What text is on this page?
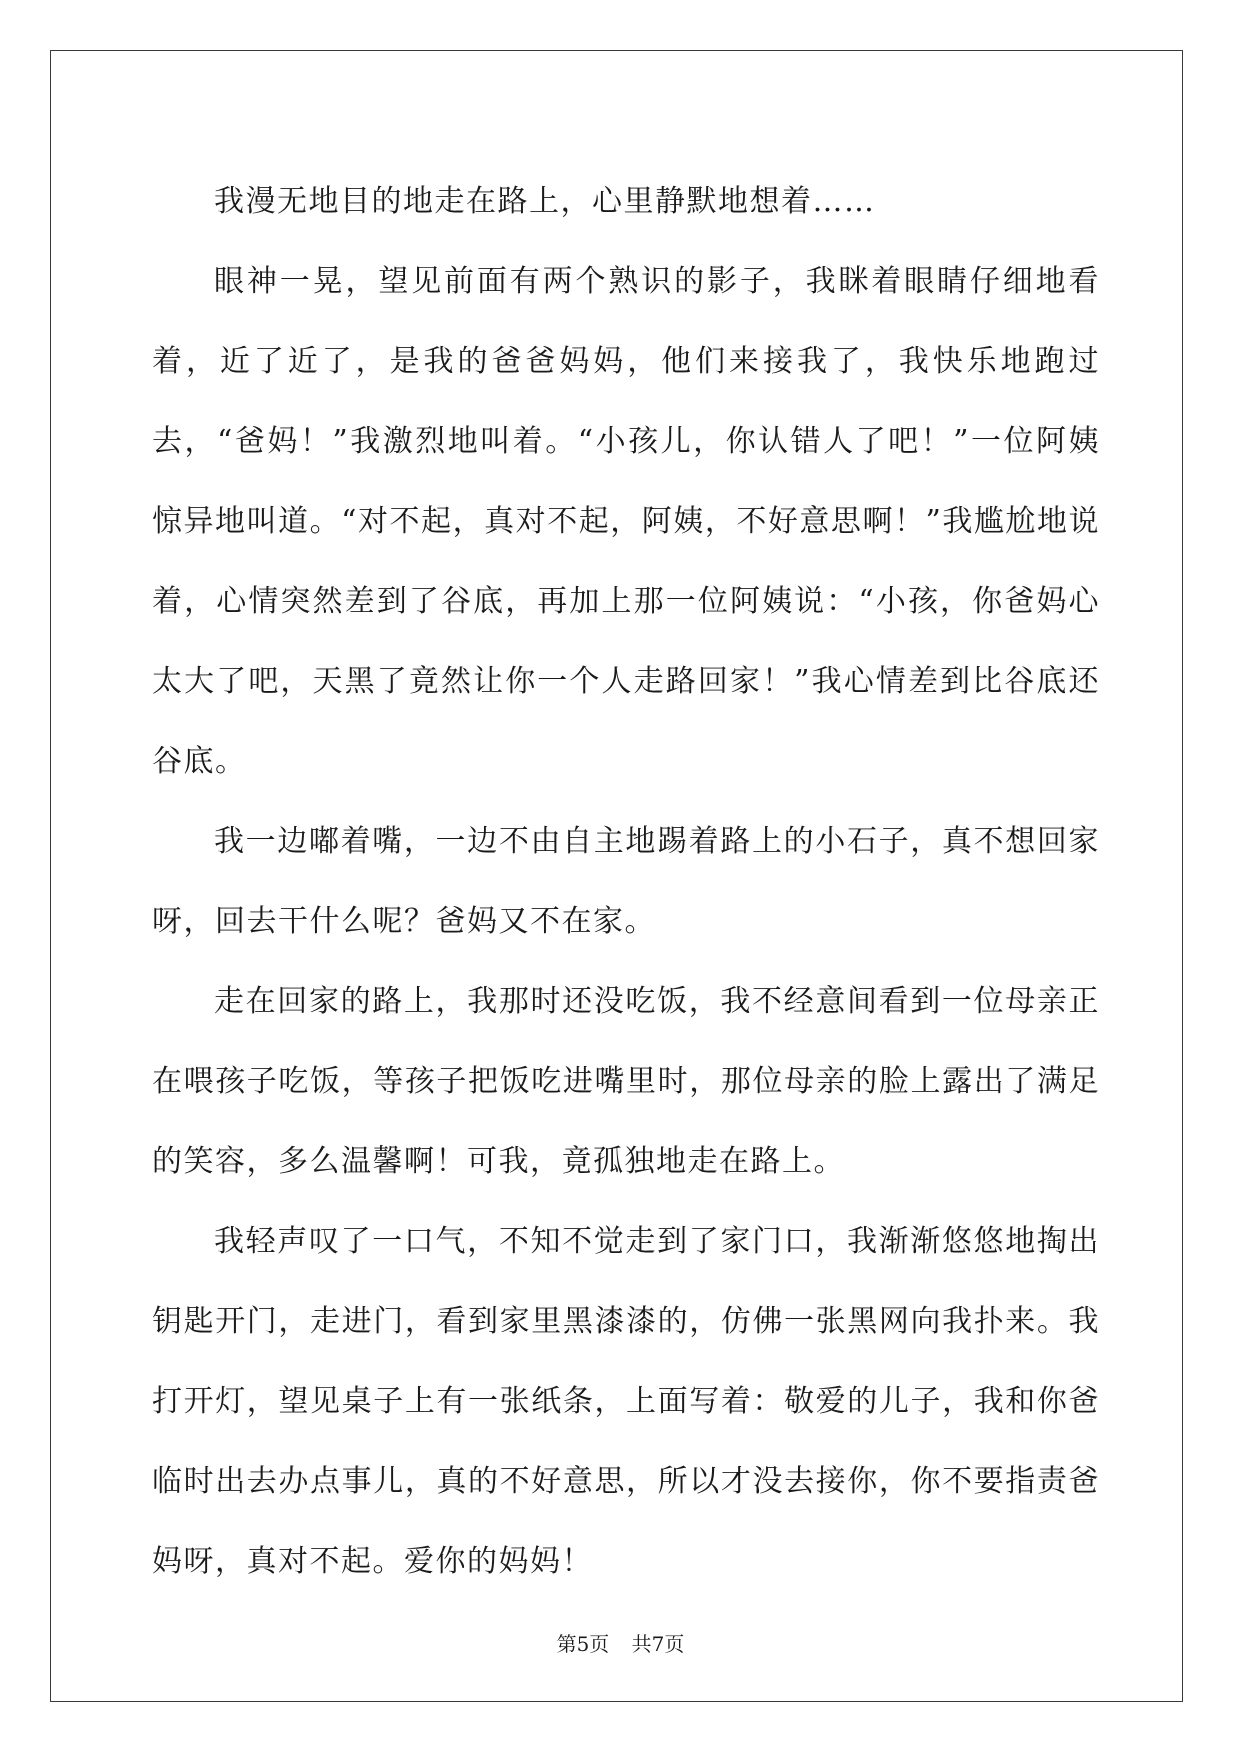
我漫无地目的地走在路上，心里静默地想着……

眼神一晃，望见前面有两个熟识的影子，我眯着眼睛仔细地看着，近了近了，是我的爸爸妈妈，他们来接我了，我快乐地跑过去，“爸妈！”我激烈地叫着。“小孩儿，你认错人了吧！”一位阿姨惊异地叫道。“对不起，真对不起，阿姨，不好意思啊！”我尴尬地说着，心情突然差到了谷底，再加上那一位阿姨说：“小孩，你爸妈心太大了吧，天黑了竟然让你一个人走路回家！”我心情差到比谷底还谷底。

我一边嘟着嘴，一边不由自主地踢着路上的小石子，真不想回家呀，回去干什么呢？爸妈又不在家。

走在回家的路上，我那时还没吃饭，我不经意间看到一位母亲正在喂孩子吃饭，等孩子把饭吃进嘴里时，那位母亲的脸上露出了满足的笑容，多么温馨啊！可我，竟孤独地走在路上。

我轻声叹了一口气，不知不觉走到了家门口，我渐渐悠悠地掏出钥匙开门，走进门，看到家里黑漆漆的，仿佛一张黑网向我扑来。我打开灯，望见桌子上有一张纸条，上面写着：敬爱的儿子，我和你爸临时出去办点事儿，真的不好意思，所以才没去接你，你不要指责爸妈呀，真对不起。爱你的妈妈！

第5页 共7页
